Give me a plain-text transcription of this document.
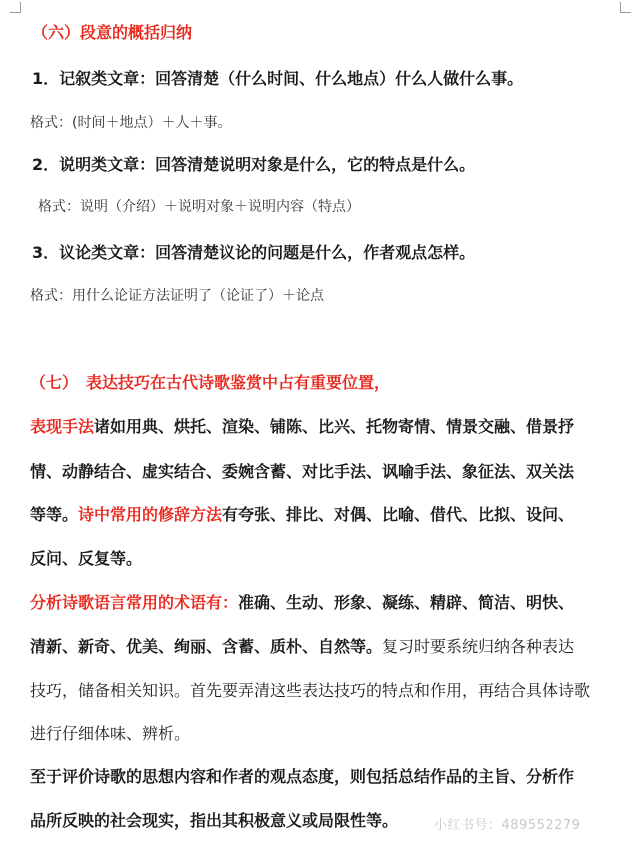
（六）段意的概括归纳
1．记叙类文章：回答清楚（什么时间、什么地点）什么人做什么事。
格式：(时间＋地点）＋人＋事。
2．说明类文章：回答清楚说明对象是什么，它的特点是什么。
格式：说明（介绍）＋说明对象＋说明内容（特点）
3．议论类文章：回答清楚议论的问题是什么，作者观点怎样。
格式：用什么论证方法证明了（论证了）＋论点
（七）　表达技巧在古代诗歌鉴赏中占有重要位置，
表现手法诸如用典、烘托、渲染、铺陈、比兴、托物寄情、情景交融、借景抒
情、动静结合、虚实结合、委婉含蓄、对比手法、讽喻手法、象征法、双关法
等等。诗中常用的修辞方法有夸张、排比、对偶、比喻、借代、比拟、设问、
反问、反复等。
分析诗歌语言常用的术语有：准确、生动、形象、凝练、精辟、简洁、明快、
清新、新奇、优美、绚丽、含蓄、质朴、自然等。复习时要系统归纳各种表达
技巧，储备相关知识。首先要弄清这些表达技巧的特点和作用，再结合具体诗歌
进行仔细体味、辨析。
至于评价诗歌的思想内容和作者的观点态度，则包括总结作品的主旨、分析作
品所反映的社会现实，指出其积极意义或局限性等。	小红书号：489552279
